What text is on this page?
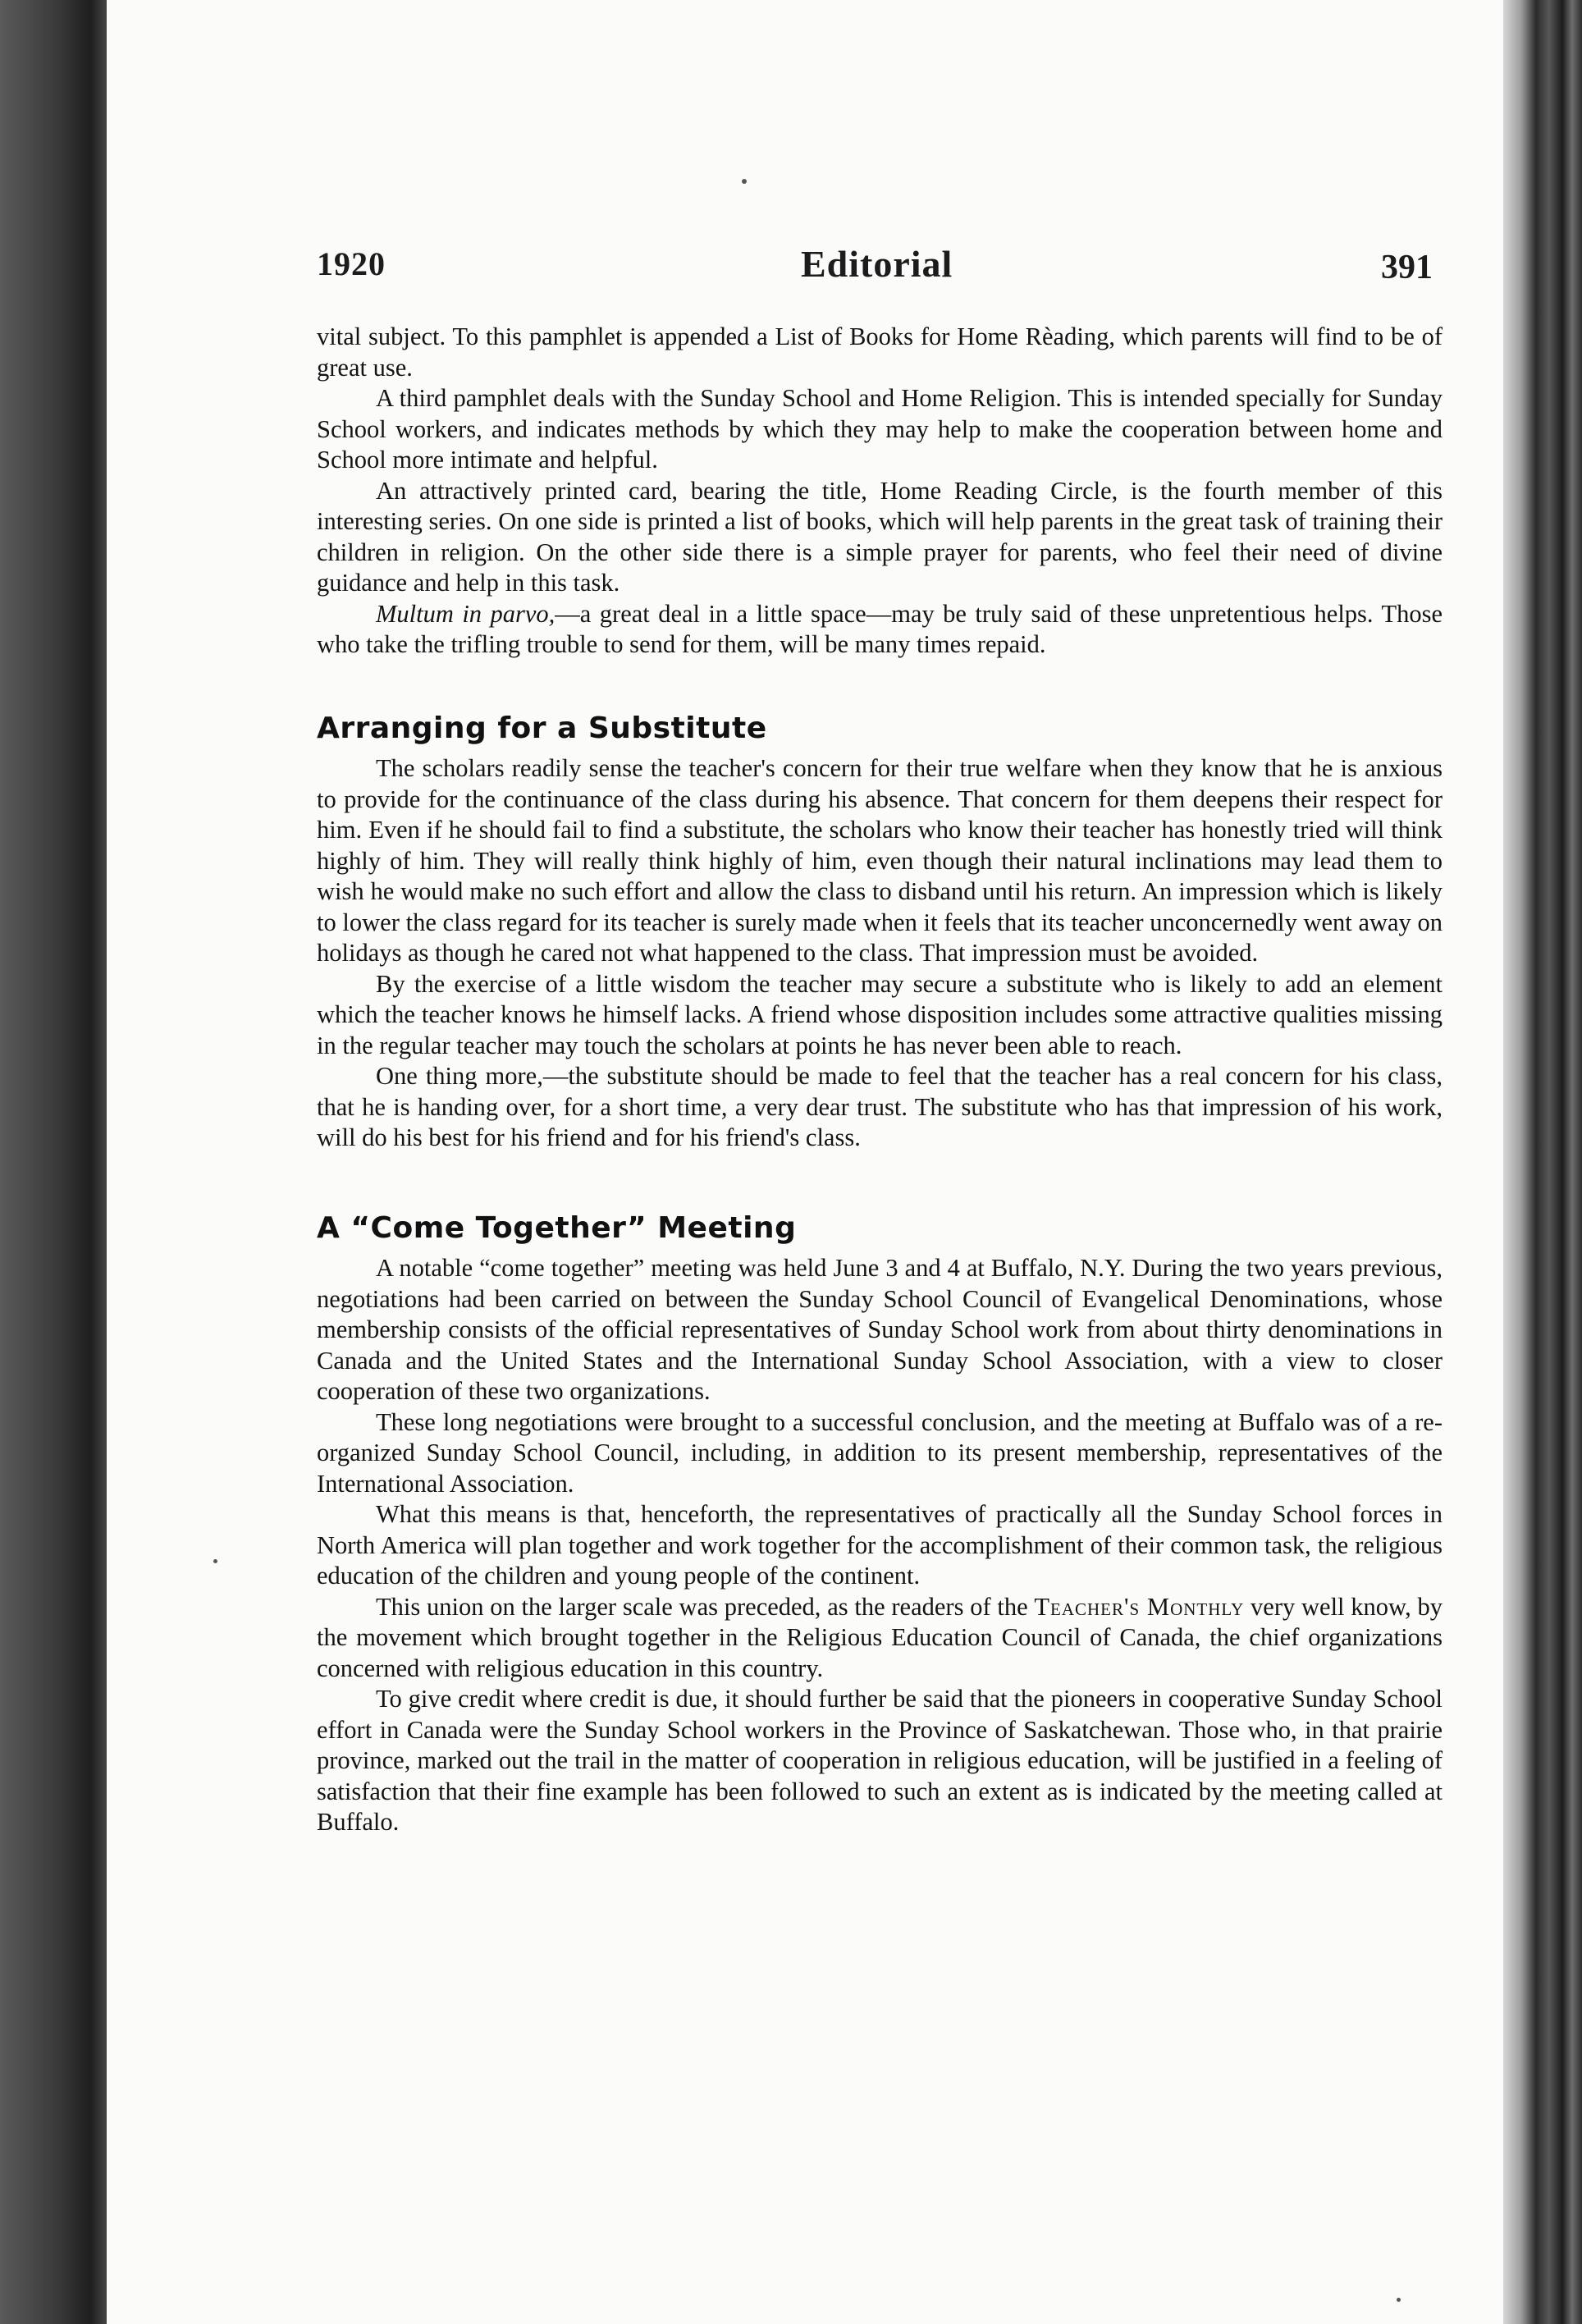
1920	Editorial	391

vital subject. To this pamphlet is appended a List of Books for Home Rèading, which parents will find to be of great use.

A third pamphlet deals with the Sunday School and Home Religion. This is intended specially for Sunday School workers, and indicates methods by which they may help to make the cooperation between home and School more intimate and helpful.

An attractively printed card, bearing the title, Home Reading Circle, is the fourth member of this interesting series. On one side is printed a list of books, which will help parents in the great task of training their children in religion. On the other side there is a simple prayer for parents, who feel their need of divine guidance and help in this task.

Multum in parvo,—a great deal in a little space—may be truly said of these unpretentious helps. Those who take the trifling trouble to send for them, will be many times repaid.

Arranging for a Substitute

The scholars readily sense the teacher's concern for their true welfare when they know that he is anxious to provide for the continuance of the class during his absence. That concern for them deepens their respect for him. Even if he should fail to find a substitute, the scholars who know their teacher has honestly tried will think highly of him. They will really think highly of him, even though their natural inclinations may lead them to wish he would make no such effort and allow the class to disband until his return. An impression which is likely to lower the class regard for its teacher is surely made when it feels that its teacher unconcernedly went away on holidays as though he cared not what happened to the class. That impression must be avoided.

By the exercise of a little wisdom the teacher may secure a substitute who is likely to add an element which the teacher knows he himself lacks. A friend whose disposition includes some attractive qualities missing in the regular teacher may touch the scholars at points he has never been able to reach.

One thing more,—the substitute should be made to feel that the teacher has a real concern for his class, that he is handing over, for a short time, a very dear trust. The substitute who has that impression of his work, will do his best for his friend and for his friend's class.

A “Come Together” Meeting

A notable “come together” meeting was held June 3 and 4 at Buffalo, N.Y. During the two years previous, negotiations had been carried on between the Sunday School Council of Evangelical Denominations, whose membership consists of the official representatives of Sunday School work from about thirty denominations in Canada and the United States and the International Sunday School Association, with a view to closer cooperation of these two organizations.

These long negotiations were brought to a successful conclusion, and the meeting at Buffalo was of a re-organized Sunday School Council, including, in addition to its present membership, representatives of the International Association.

What this means is that, henceforth, the representatives of practically all the Sunday School forces in North America will plan together and work together for the accomplishment of their common task, the religious education of the children and young people of the continent.

This union on the larger scale was preceded, as the readers of the Teacher's Monthly very well know, by the movement which brought together in the Religious Education Council of Canada, the chief organizations concerned with religious education in this country.

To give credit where credit is due, it should further be said that the pioneers in cooperative Sunday School effort in Canada were the Sunday School workers in the Province of Saskatchewan. Those who, in that prairie province, marked out the trail in the matter of cooperation in religious education, will be justified in a feeling of satisfaction that their fine example has been followed to such an extent as is indicated by the meeting called at Buffalo.
